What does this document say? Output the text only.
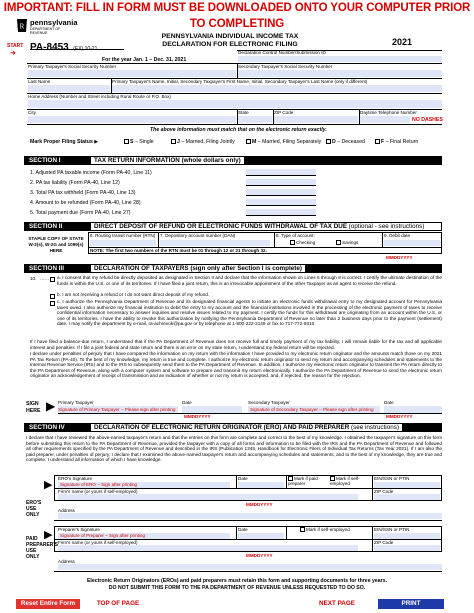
IMPORTANT: FILL IN FORM MUST BE DOWNLOADED ONTO YOUR COMPUTER PRIOR TO COMPLETING
R pennsylvania
DEPARTMENT OF REVENUE
START
➜
PA-8453 (EX) 10-21
PENNSYLVANIA INDIVIDUAL INCOME TAX
DECLARATION FOR ELECTRONIC FILING	2021
For the year Jan. 1 – Dec. 31, 2021
Declaration Control Number/Submission ID
Primary Taxpayer's Social Security Number	Secondary Taxpayer's Social Security Number
Last Name	Primary Taxpayer's Name, Initial, Secondary Taxpayer's First Name, Initial, Secondary Taxpayer's Last Name (only if different)
Home Address (Number and Street including Rural Route or P.O. Box)
City	State	ZIP Code	Daytime Telephone Number
NO DASHES
The above information must match that on the electronic return exactly.
Mark Proper Filing Status ▶	S – Single	J – Married, Filing Jointly	M – Married, Filing Separately	D – Deceased	F – Final Return
SECTION I	TAX RETURN INFORMATION (whole dollars only)
1. Adjusted PA taxable income (Form PA-40, Line 11)
2. PA tax liability (Form PA-40, Line 12)
3. Total PA tax withheld (Form PA-40, Line 13)
4. Amount to be refunded (Form PA-40, Line 28)
5. Total payment due (Form PA-40, Line 27)
SECTION II	DIRECT DEPOSIT OF REFUND OR ELECTRONIC FUNDS WITHDRAWAL OF TAX DUE (optional - see instructions)
STAPLE COPY OF STATE W-2(s), W-2G and 1099(s) HERE
6. Routing transit number (RTN) 7. Depository account number (DAN)	8. Type of account:
Checking	Savings
9. Debit date
NOTE: The first two numbers of the RTN must be 01 through 12 or 21 through 32.
MMDDYYYY
SECTION III	DECLARATION OF TAXPAYERS (sign only after Section I is complete)
10. …… a. I consent that my refund be directly deposited as designated in Section II and declare that the information shown on Lines 6 through 8 is correct. I certify the ultimate destination of the funds is within the U.S. or one of its territories. If I have filed a joint return, this is an irrevocable appointment of the other Taxpayer as an agent to receive the refund.
b. I am not receiving a refund or I do not want direct deposit of my refund.
c. I authorize the Pennsylvania Department of Revenue and its designated financial agents to initiate an electronic funds withdrawal entry to my designated account for Pennsylvania taxes owed. I also authorize my financial institution to debit the entry to my account and the financial institutions involved in the processing of the electronic payment of taxes to receive confidential information necessary to answer inquiries and resolve issues related to my payment. I certify the funds for this withdrawal are originating from an account within the U.S. or one of its territories. I have the ability to revoke this authorization by notifying the Pennsylvania Department of Revenue no later than 2 business days prior to the payment (settlement) date. I may notify the department by e-mail, ra-achrevok@pa.gov or by telephone at 1-800-222-2149 or fax to 717-772-9310.
If I have filed a balance-due return, I understand that if the PA Department of Revenue does not receive full and timely payment of my tax liability, I will remain liable for the tax and all applicable interest and penalties. If I file a joint federal and state return and there is an error on my state return, I understand my federal return will be rejected.
I declare under penalties of perjury that I have compared the information on my return with the information I have provided to my electronic return originator and the amounts match those on my 2021 PA Tax Return (PA-40). To the best of my knowledge, my return is true and complete. I authorize my electronic return originator to send my return and accompanying schedules and statements to the Internal Revenue Service (IRS) and to the IRS to subsequently send them to the PA Department of Revenue. In addition, I authorize my electronic return originator to transmit the PA return directly to the PA Department of Revenue, along with a computer system and software to prepare and transmit my return electronically. I authorize the PA Department of Revenue to send the electronic return originator an acknowledgement of receipt of transmission and an indication of whether or not my return is accepted, and, if rejected, the reason for the rejection.
SIGN HERE ▶ Primary Taxpayer
Signature of Primary Taxpayer – Please sign after printing
Date	Secondary Taxpayer
Signature of Secondary Taxpayer – Please sign after printing
Date
MMDDYYYY	MMDDYYYY
SECTION IV	DECLARATION OF ELECTRONIC RETURN ORIGINATOR (ERO) AND PAID PREPARER (see instructions)
I declare that I have reviewed the above-named taxpayer's return and that the entries on this form are complete and correct to the best of my knowledge. I obtained the taxpayer's signature on this form before submitting this return to the PA Department of Revenue, provided the taxpayer with a copy of all forms and information to be filed with the IRS and the PA Department of Revenue and followed all other requirements specified by the PA Department of Revenue and described in the IRS (Publication 1345, Handbook for Electronic Filers of Individual Tax Returns (Tax Year 2021). If I am also the paid preparer, under penalties of perjury, I declare that I examined the above-named taxpayer's return and accompanying schedules and statements, and to the best of my knowledge, they are true and complete. I understand all information of which I have knowledge.
ERO'S USE ONLY
▶
ERO's Signature
Signature of ERO – Sign after printing
Date	Mark if paid preparer
Mark if self-employed
EIN/SSN or PTIN
Firm's name (or yours if self-employed)	ZIP Code
MMDDYYYY
Address
PAID PREPARER'S USE ONLY
▶ Preparer's Signature
Signature of Preparer – Sign after printing
Date	Mark if self-employed	EIN/SSN or PTIN
Firm's name (or yours if self-employed)	ZIP Code
MMDDYYYY
Address
Electronic Return Originators (EROs) and paid preparers must retain this form and supporting documents for three years.
DO NOT SUBMIT THIS FORM TO THE PA DEPARTMENT OF REVENUE UNLESS REQUESTED TO DO SO.
Reset Entire Form	TOP OF PAGE	NEXT PAGE	PRINT
